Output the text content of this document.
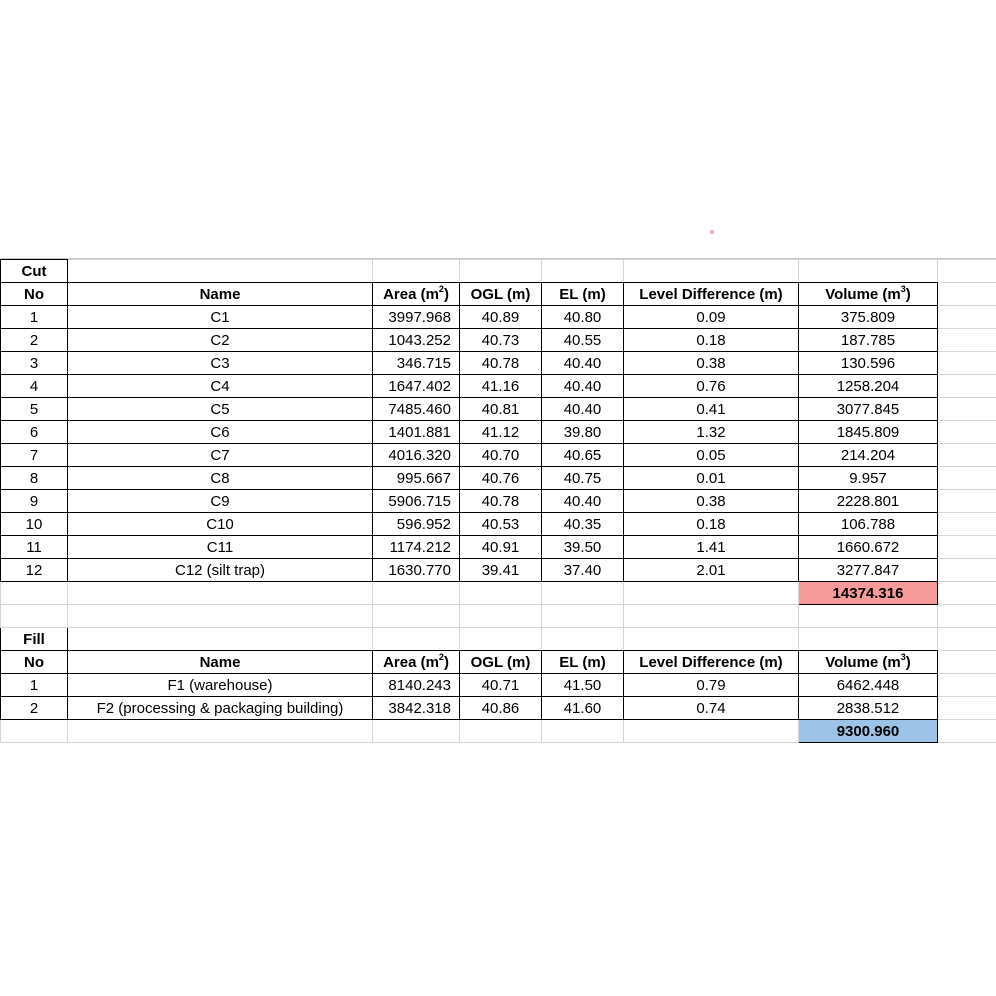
Cut							
No	Name	Area $(m^2)$	OGL (m)	EL (m)	Level Difference (m)	Volume $(m^3)$	
1	C1	3997.968	40.89	40.80	0.09	375.809	
2	C2	1043.252	40.73	40.55	0.18	187.785	
3	C3	346.715	40.78	40.40	0.38	130.596	
4	C4	1647.402	41.16	40.40	0.76	1258.204	
5	C5	7485.460	40.81	40.40	0.41	3077.845	
6	C6	1401.881	41.12	39.80	1.32	1845.809	
7	C7	4016.320	40.70	40.65	0.05	214.204	
8	C8	995.667	40.76	40.75	0.01	9.957	
9	C9	5906.715	40.78	40.40	0.38	2228.801	
10	C10	596.952	40.53	40.35	0.18	106.788	
11	C11	1174.212	40.91	39.50	1.41	1660.672	
12	C12 (silt trap)	1630.770	39.41	37.40	2.01	3277.847	
						14374.316	

Fill							
No	Name	Area $(m^2)$	OGL (m)	EL (m)	Level Difference (m)	Volume $(m^3)$	
1	F1 (warehouse)	8140.243	40.71	41.50	0.79	6462.448	
2	F2 (processing & packaging building)	3842.318	40.86	41.60	0.74	2838.512	
						9300.960	
